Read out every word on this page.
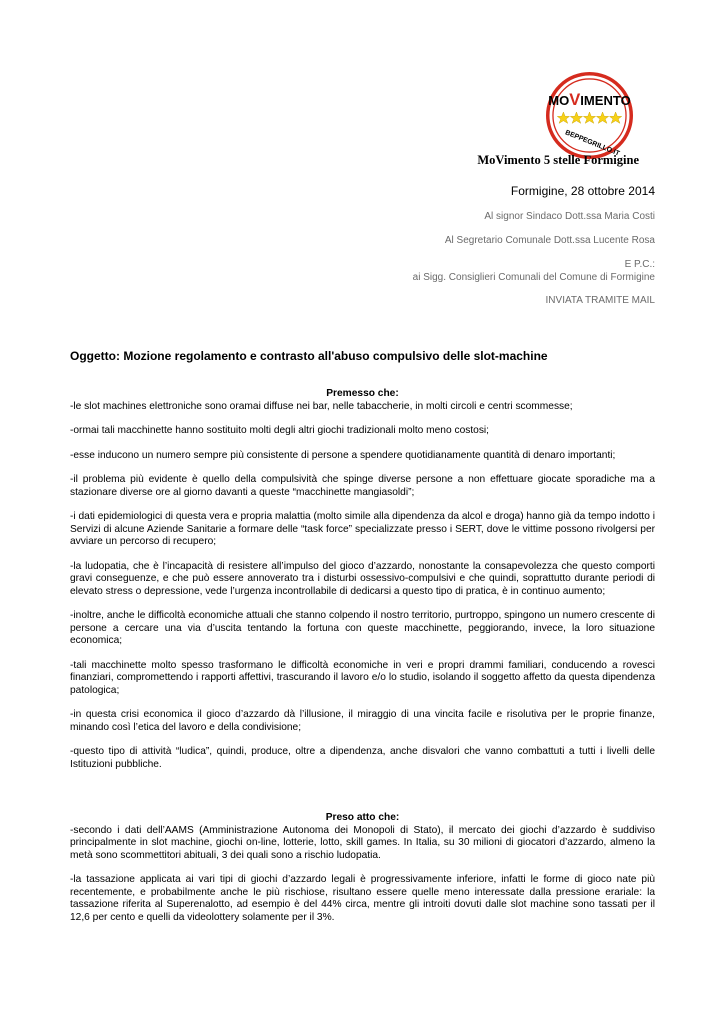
MOVIMENTO
BEPPEGRILLO.IT
MoVimento 5 stelle Formigine
Formigine, 28 ottobre 2014
Al signor Sindaco Dott.ssa Maria Costi
Al Segretario Comunale Dott.ssa Lucente Rosa
E P.C.:
ai Sigg. Consiglieri Comunali del Comune di Formigine
INVIATA TRAMITE MAIL
Oggetto: Mozione regolamento e contrasto all'abuso compulsivo delle slot-machine
Premesso che:

-le slot machines elettroniche sono oramai diffuse nei bar, nelle tabaccherie, in molti circoli e centri scommesse;

-ormai tali macchinette hanno sostituito molti degli altri giochi tradizionali molto meno costosi;

-esse inducono un numero sempre più consistente di persone a spendere quotidianamente quantità di denaro importanti;

-il problema più evidente è quello della compulsività che spinge diverse persone a non effettuare giocate sporadiche ma a stazionare diverse ore al giorno davanti a queste “macchinette mangiasoldi”;

-i dati epidemiologici di questa vera e propria malattia (molto simile alla dipendenza da alcol e droga) hanno già da tempo indotto i Servizi di alcune Aziende Sanitarie a formare delle “task force” specializzate presso i SERT, dove le vittime possono rivolgersi per avviare un percorso di recupero;

-la ludopatia, che è l’incapacità di resistere all’impulso del gioco d’azzardo, nonostante la consapevolezza che questo comporti gravi conseguenze, e che può essere annoverato tra i disturbi ossessivo-compulsivi e che quindi, soprattutto durante periodi di elevato stress o depressione, vede l’urgenza incontrollabile di dedicarsi a questo tipo di pratica, è in continuo aumento;

-inoltre, anche le difficoltà economiche attuali che stanno colpendo il nostro territorio, purtroppo, spingono un numero crescente di persone a cercare una via d’uscita tentando la fortuna con queste macchinette, peggiorando, invece, la loro situazione economica;

-tali macchinette molto spesso trasformano le difficoltà economiche in veri e propri drammi familiari, conducendo a rovesci finanziari, compromettendo i rapporti affettivi, trascurando il lavoro e/o lo studio, isolando il soggetto affetto da questa dipendenza patologica;

-in questa crisi economica il gioco d’azzardo dà l’illusione, il miraggio di una vincita facile e risolutiva per le proprie finanze, minando così l’etica del lavoro e della condivisione;

-questo tipo di attività “ludica”, quindi, produce, oltre a dipendenza, anche disvalori che vanno combattuti a tutti i livelli delle Istituzioni pubbliche.

Preso atto che:

-secondo i dati dell’AAMS (Amministrazione Autonoma dei Monopoli di Stato), il mercato dei giochi d’azzardo è suddiviso principalmente in slot machine, giochi on-line, lotterie, lotto, skill games. In Italia, su 30 milioni di giocatori d’azzardo, almeno la metà sono scommettitori abituali, 3 dei quali sono a rischio ludopatia.

-la tassazione applicata ai vari tipi di giochi d’azzardo legali è progressivamente inferiore, infatti le forme di gioco nate più recentemente, e probabilmente anche le più rischiose, risultano essere quelle meno interessate dalla pressione erariale: la tassazione riferita al Superenalotto, ad esempio è del 44% circa, mentre gli introiti dovuti dalle slot machine sono tassati per il 12,6 per cento e quelli da videolottery solamente per il 3%.
